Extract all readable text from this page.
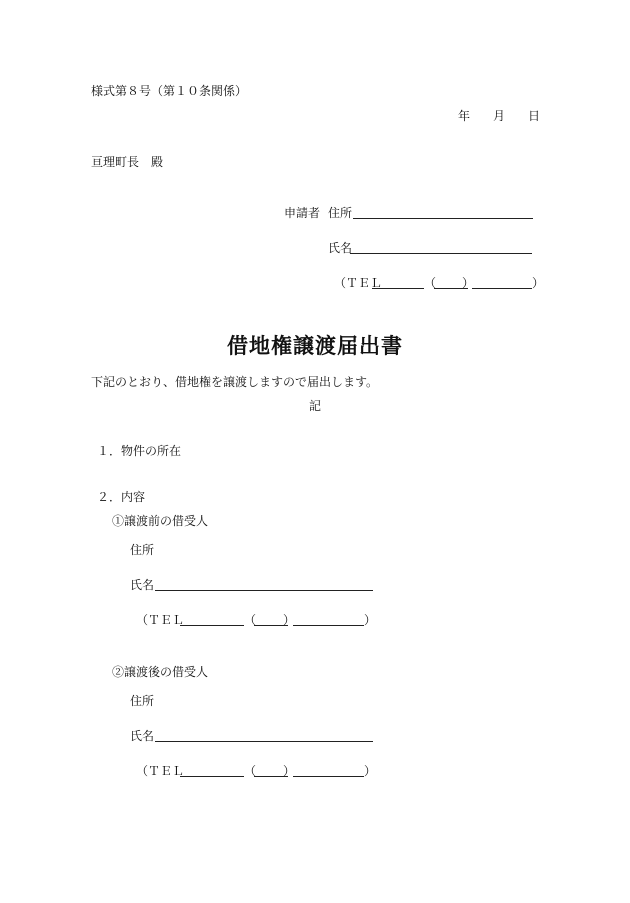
様式第８号（第１０条関係）
年 月 日
亘理町長　殿
申請者 住所
氏名
（ＴＥＬ	（ ）	）
借地権譲渡届出書
下記のとおり、借地権を譲渡しますので届出します。
記
１．物件の所在
２．内容
①譲渡前の借受人
住所
氏名
（ＴＥＬ	（ ）	）
②譲渡後の借受人
住所
氏名
（ＴＥＬ	（ ）	）
